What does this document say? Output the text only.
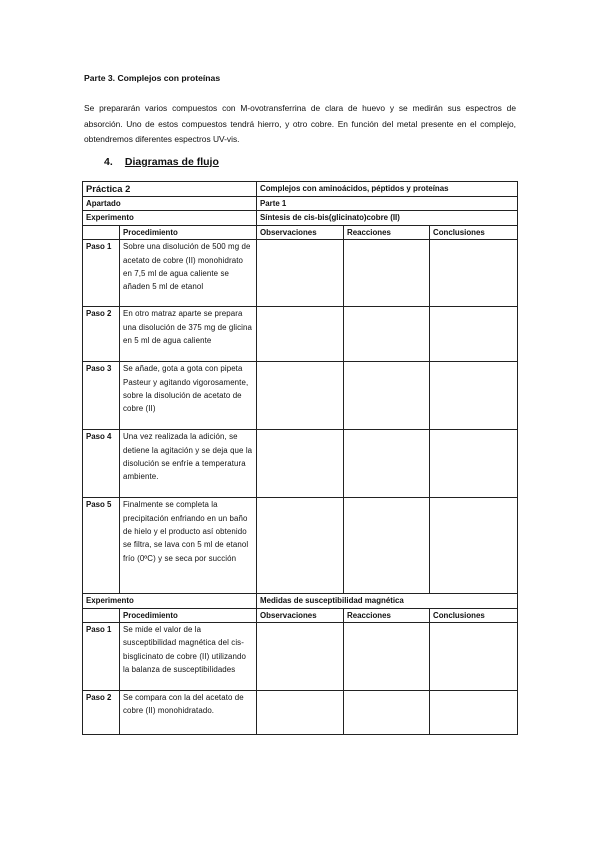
Parte 3. Complejos con proteínas
Se prepararán varios compuestos con M-ovotransferrina de clara de huevo y se medirán sus espectros de absorción. Uno de estos compuestos tendrá hierro, y otro cobre. En función del metal presente en el complejo, obtendremos diferentes espectros UV-vis.
4. Diagramas de flujo
Práctica 2		Complejos con aminoácidos, péptidos y proteínas		
Apartado		Parte 1		
Experimento		Síntesis de cis-bis(glicinato)cobre (II)		
	Procedimiento	Observaciones	Reacciones	Conclusiones
Paso 1	Sobre una disolución de 500 mg de acetato de cobre (II) monohidrato en 7,5 ml de agua caliente se añaden 5 ml de etanol			
Paso 2	En otro matraz aparte se prepara una disolución de 375 mg de glicina en 5 ml de agua caliente			
Paso 3	Se añade, gota a gota con pipeta Pasteur y agitando vigorosamente, sobre la disolución de acetato de cobre (II)			
Paso 4	Una vez realizada la adición, se detiene la agitación y se deja que la disolución se enfríe a temperatura ambiente.			
Paso 5	Finalmente se completa la precipitación enfriando en un baño de hielo y el producto así obtenido se filtra, se lava con 5 ml de etanol frío (0ºC) y se seca por succión			
Experimento		Medidas de susceptibilidad magnética		
	Procedimiento	Observaciones	Reacciones	Conclusiones
Paso 1	Se mide el valor de la susceptibilidad magnética del cis-bisglicinato de cobre (II) utilizando la balanza de susceptibilidades			
Paso 2	Se compara con la del acetato de cobre (II) monohidratado.			
